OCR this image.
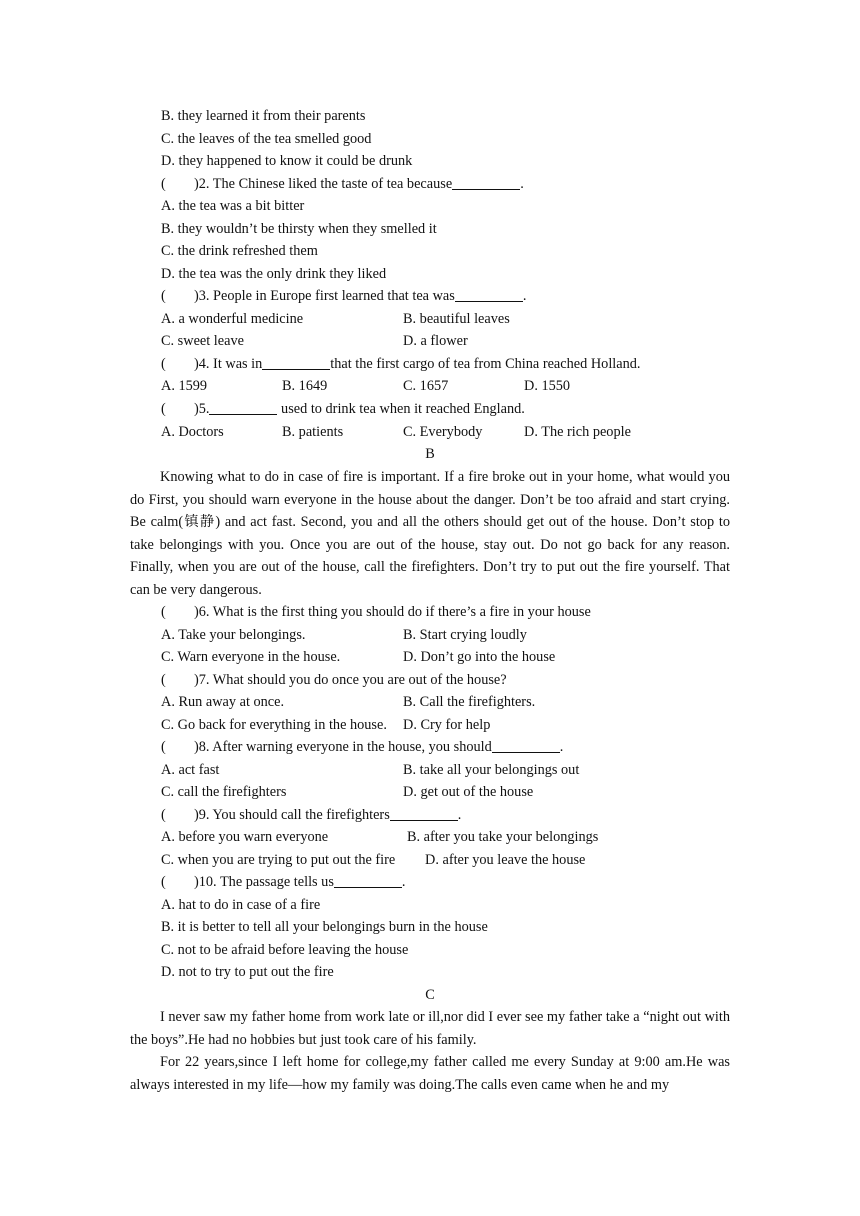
B. they learned it from their parents
C. the leaves of the tea smelled good
D. they happened to know it could be drunk
( )2. The Chinese liked the taste of tea because	.
A. the tea was a bit bitter
B. they wouldn’t be thirsty when they smelled it
C. the drink refreshed them
D. the tea was the only drink they liked
( )3. People in Europe first learned that tea was	.
A. a wonderful medicine	B. beautiful leaves
C. sweet leave	D. a flower
( )4. It was in	that the first cargo of tea from China reached Holland.
A. 1599	B. 1649	C. 1657	D. 1550
( )5.	used to drink tea when it reached England.
A. Doctors	B. patients	C. Everybody	D. The rich people
B
Knowing what to do in case of fire is important. If a fire broke out in your home, what would you do First, you should warn everyone in the house about the danger. Don’t be too afraid and start crying. Be calm(镇静) and act fast. Second, you and all the others should get out of the house. Don’t stop to take belongings with you. Once you are out of the house, stay out. Do not go back for any reason. Finally, when you are out of the house, call the firefighters. Don’t try to put out the fire yourself. That can be very dangerous.
( )6. What is the first thing you should do if there’s a fire in your house
A. Take your belongings.	B. Start crying loudly
C. Warn everyone in the house.	D. Don’t go into the house
( )7. What should you do once you are out of the house?
A. Run away at once.	B. Call the firefighters.
C. Go back for everything in the house. D. Cry for help
( )8. After warning everyone in the house, you should	.
A. act fast	B. take all your belongings out
C. call the firefighters	D. get out of the house
( )9. You should call the firefighters	.
A. before you warn everyone	B. after you take your belongings
C. when you are trying to put out the fire D. after you leave the house
( )10. The passage tells us	.
A. hat to do in case of a fire
B. it is better to tell all your belongings burn in the house
C. not to be afraid before leaving the house
D. not to try to put out the fire
C
I never saw my father home from work late or ill,nor did I ever see my father take a “night out with the boys”.He had no hobbies but just took care of his family.
For 22 years,since I left home for college,my father called me every Sunday at 9:00 am.He was always interested in my life—how my family was doing.The calls even came when he and my
